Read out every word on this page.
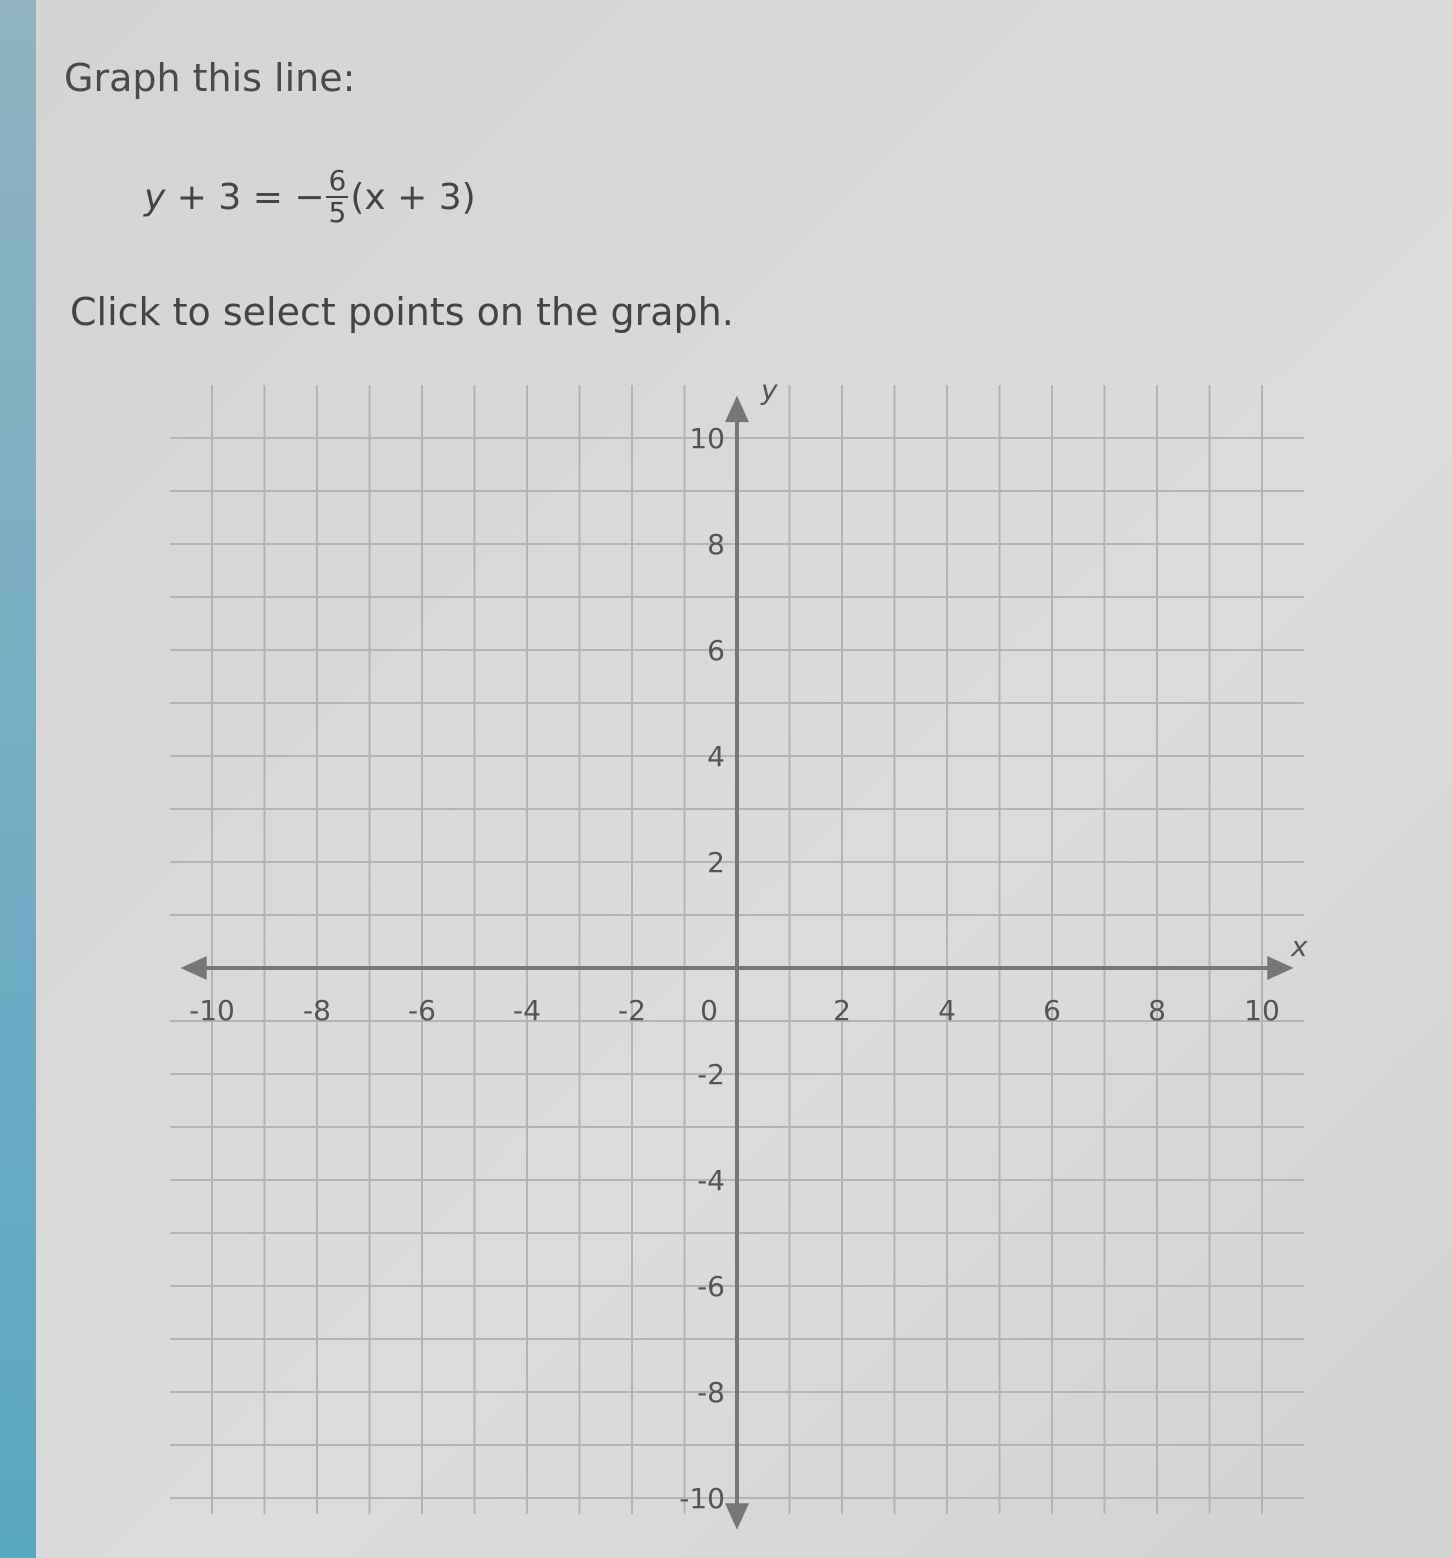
Graph this line:
y + 3 = − $\frac{6}{5} (x + 3)$
Click to select points on the graph.
-10 -8	-6	-4	-2 0	2	4	6	8	10
10
8
6
4
2
-2
-4
-6
-8
-10
x
y
